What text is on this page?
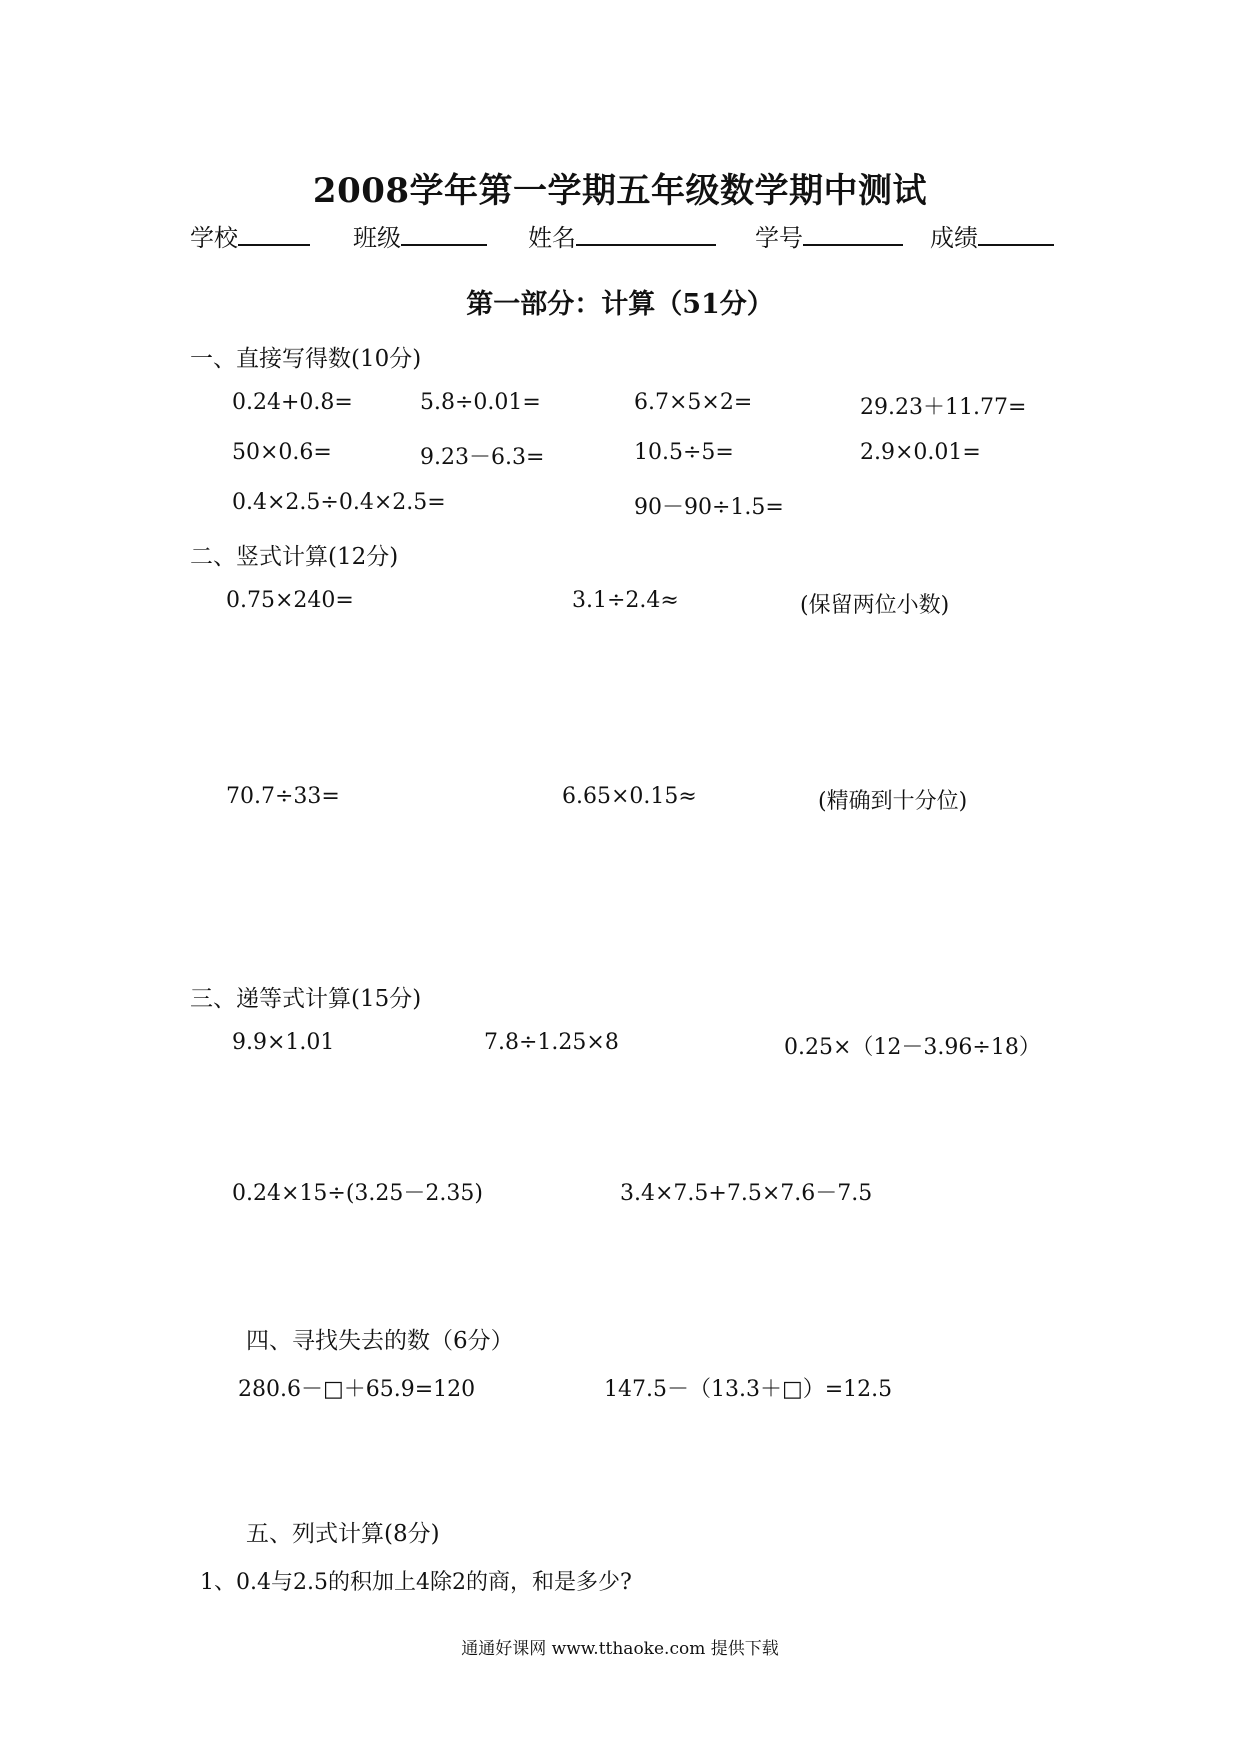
2008学年第一学期五年级数学期中测试
学校	班级	姓名	学号	成绩
第一部分：计算（51分）
一、直接写得数(10分)
0.24+0.8=	5.8÷0.01=	6.7×5×2=	29.23＋11.77=
50×0.6=	9.23－6.3=	10.5÷5=	2.9×0.01=
0.4×2.5÷0.4×2.5=	90－90÷1.5=
二、竖式计算(12分)
0.75×240=	3.1÷2.4≈	(保留两位小数)
70.7÷33=	6.65×0.15≈	(精确到十分位)
三、递等式计算(15分)
9.9×1.01	7.8÷1.25×8	0.25×（12－3.96÷18）
0.24×15÷(3.25－2.35)	3.4×7.5+7.5×7.6－7.5
四、寻找失去的数（6分）
280.6－□＋65.9=120	147.5－（13.3＋□）=12.5
五、列式计算(8分)
1、0.4与2.5的积加上4除2的商，和是多少?
通通好课网 www.tthaoke.com 提供下载
